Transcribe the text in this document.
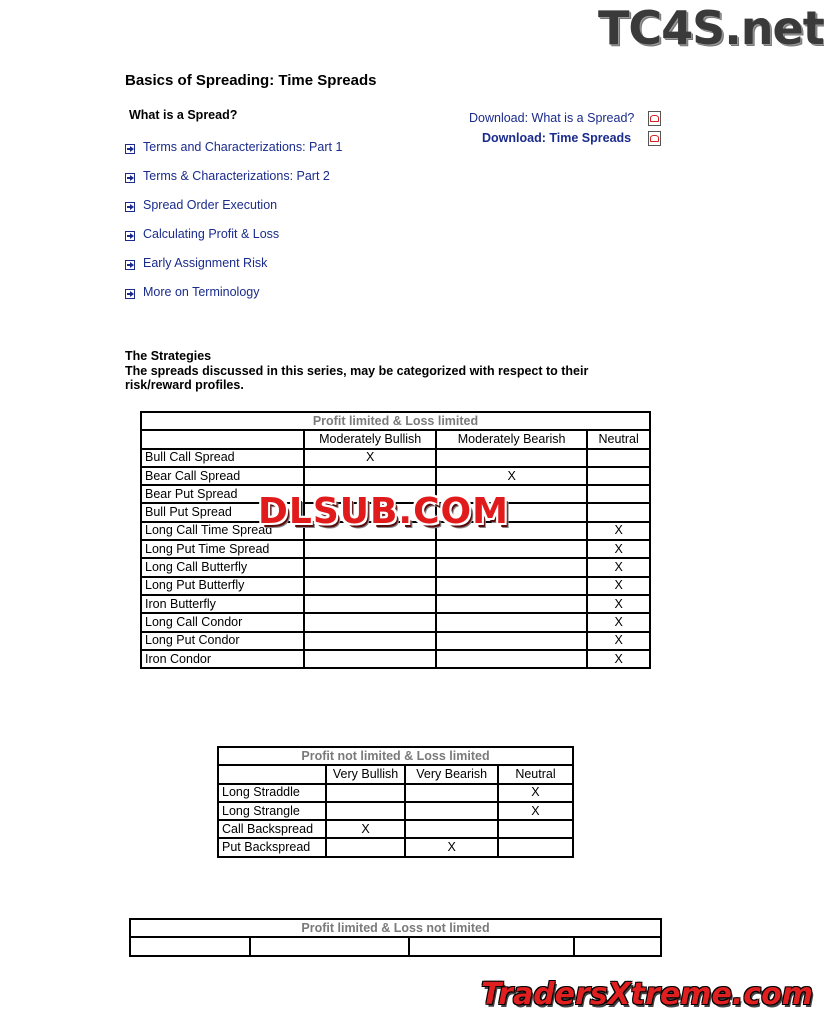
TC4S.net
Basics of Spreading: Time Spreads
What is a Spread?
Terms and Characterizations: Part 1
Terms & Characterizations: Part 2
Spread Order Execution
Calculating Profit & Loss
Early Assignment Risk
More on Terminology
Download: What is a Spread?
Download: Time Spreads
The Strategies
The spreads discussed in this series, may be categorized with respect to their risk/reward profiles.
Profit limited & Loss limited			
	Moderately Bullish	Moderately Bearish	Neutral
Bull Call Spread	X		
Bear Call Spread		X	
Bear Put Spread			
Bull Put Spread			
Long Call Time Spread			X
Long Put Time Spread			X
Long Call Butterfly			X
Long Put Butterfly			X
Iron Butterfly			X
Long Call Condor			X
Long Put Condor			X
Iron Condor			X
DLSUB.COM
Profit not limited & Loss limited			
	Very Bullish	Very Bearish	Neutral
Long Straddle			X
Long Strangle			X
Call Backspread	X		
Put Backspread		X	
Profit limited & Loss not limited

TradersXtreme.com
